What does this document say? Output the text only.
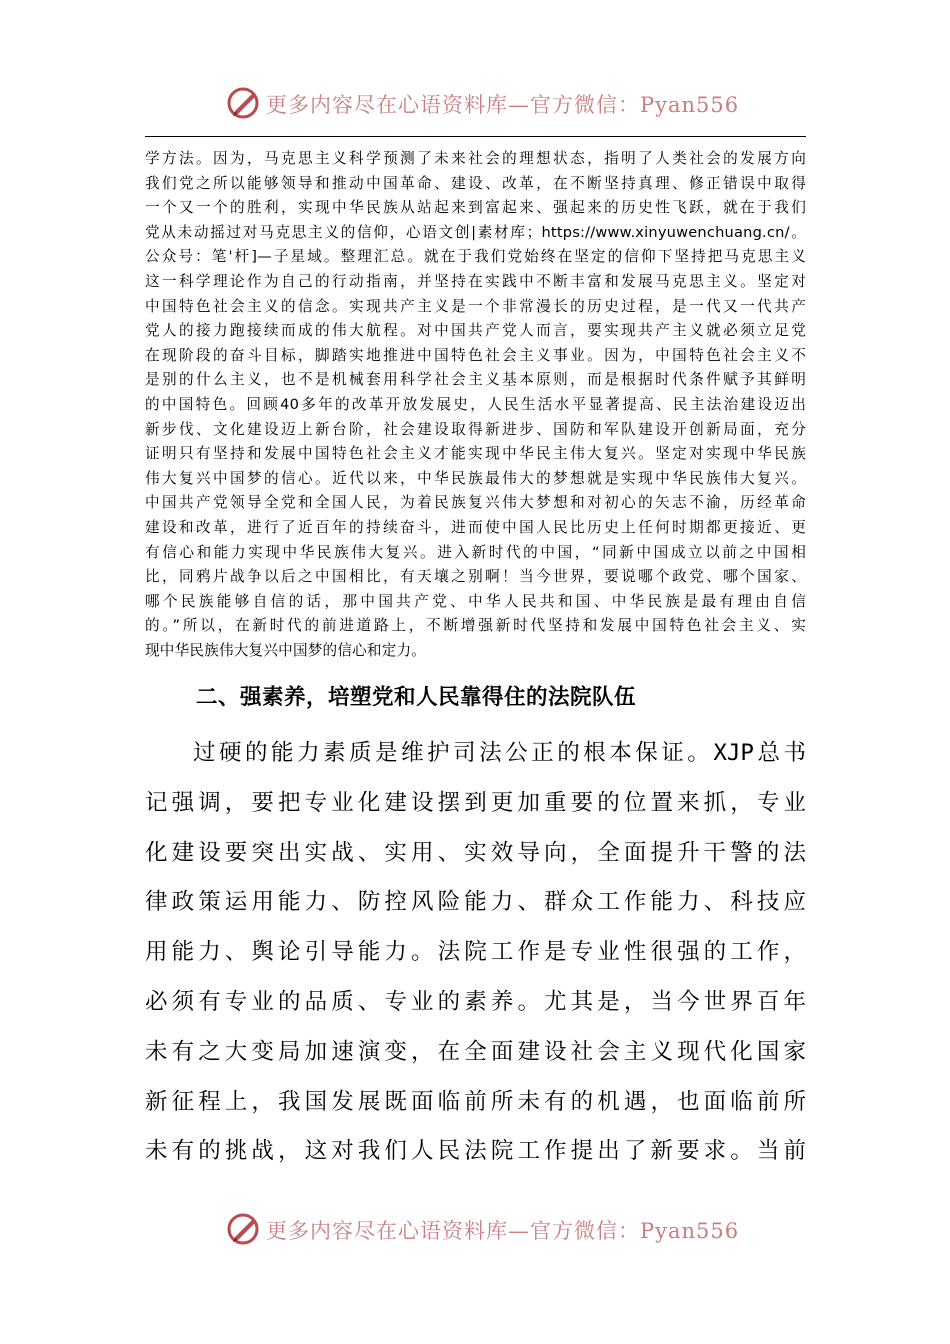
更多内容尽在心语资料库—官方微信：Pyan556
学方法。因为，马克思主义科学预测了未来社会的理想状态，指明了人类社会的发展方向
我们党之所以能够领导和推动中国革命、建设、改革，在不断坚持真理、修正错误中取得
一个又一个的胜利，实现中华民族从站起来到富起来、强起来的历史性飞跃，就在于我们
党从未动摇过对马克思主义的信仰，心语文创|素材库；https://www.xinyuwenchuang.cn/。
公众号：笔'杆]—子星域。整理汇总。就在于我们党始终在坚定的信仰下坚持把马克思主义
这一科学理论作为自己的行动指南，并坚持在实践中不断丰富和发展马克思主义。坚定对
中国特色社会主义的信念。实现共产主义是一个非常漫长的历史过程，是一代又一代共产
党人的接力跑接续而成的伟大航程。对中国共产党人而言，要实现共产主义就必须立足党
在现阶段的奋斗目标，脚踏实地推进中国特色社会主义事业。因为，中国特色社会主义不
是别的什么主义，也不是机械套用科学社会主义基本原则，而是根据时代条件赋予其鲜明
的中国特色。回顾40多年的改革开放发展史，人民生活水平显著提高、民主法治建设迈出
新步伐、文化建设迈上新台阶，社会建设取得新进步、国防和军队建设开创新局面，充分
证明只有坚持和发展中国特色社会主义才能实现中华民主伟大复兴。坚定对实现中华民族
伟大复兴中国梦的信心。近代以来，中华民族最伟大的梦想就是实现中华民族伟大复兴。
中国共产党领导全党和全国人民，为着民族复兴伟大梦想和对初心的矢志不渝，历经革命
建设和改革，进行了近百年的持续奋斗，进而使中国人民比历史上任何时期都更接近、更
有信心和能力实现中华民族伟大复兴。进入新时代的中国，“同新中国成立以前之中国相
比，同鸦片战争以后之中国相比，有天壤之别啊！当今世界，要说哪个政党、哪个国家、
哪个民族能够自信的话，那中国共产党、中华人民共和国、中华民族是最有理由自信
的。”所以，在新时代的前进道路上，不断增强新时代坚持和发展中国特色社会主义、实
现中华民族伟大复兴中国梦的信心和定力。
二、强素养，培塑党和人民靠得住的法院队伍
过硬的能力素质是维护司法公正的根本保证。XJP总书
记强调，要把专业化建设摆到更加重要的位置来抓，专业
化建设要突出实战、实用、实效导向，全面提升干警的法
律政策运用能力、防控风险能力、群众工作能力、科技应
用能力、舆论引导能力。法院工作是专业性很强的工作，
必须有专业的品质、专业的素养。尤其是，当今世界百年
未有之大变局加速演变，在全面建设社会主义现代化国家
新征程上，我国发展既面临前所未有的机遇，也面临前所
未有的挑战，这对我们人民法院工作提出了新要求。当前
更多内容尽在心语资料库—官方微信：Pyan556
